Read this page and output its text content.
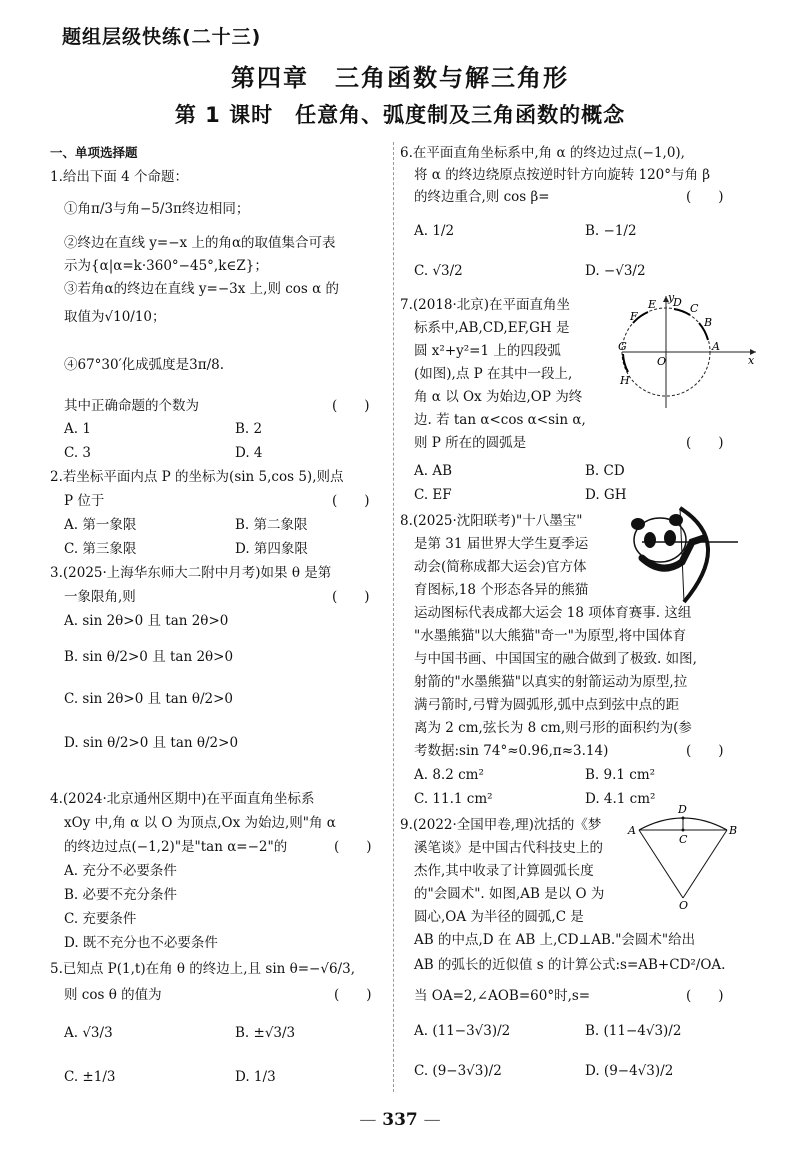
题组层级快练(二十三)
第四章　三角函数与解三角形
第 1 课时　任意角、弧度制及三角函数的概念
一、单项选择题
1.给出下面 4 个命题：
①角π/3与角−5/3π终边相同；
②终边在直线 y=−x 上的角α的取值集合可表
示为{α|α=k·360°−45°,k∈Z}；
③若角α的终边在直线 y=−3x 上,则 cos α 的
取值为√10/10；
④67°30′化成弧度是3π/8.
其中正确命题的个数为	(　　)
A. 1	B. 2
C. 3	D. 4
2.若坐标平面内点 P 的坐标为(sin 5,cos 5),则点
P 位于	(　　)
A. 第一象限	B. 第二象限
C. 第三象限	D. 第四象限
3.(2025·上海华东师大二附中月考)如果 θ 是第
一象限角,则	(　　)
A. sin 2θ>0 且 tan 2θ>0
B. sin θ/2>0 且 tan 2θ>0
C. sin 2θ>0 且 tan θ/2>0
D. sin θ/2>0 且 tan θ/2>0
4.(2024·北京通州区期中)在平面直角坐标系
xOy 中,角 α 以 O 为顶点,Ox 为始边,则"角 α
的终边过点(−1,2)"是"tan α=−2"的	(　　)
A. 充分不必要条件
B. 必要不充分条件
C. 充要条件
D. 既不充分也不必要条件
5.已知点 P(1,t)在角 θ 的终边上,且 sin θ=−√6/3,
则 cos θ 的值为	(　　)
A. √3/3	B. ±√3/3
C. ±1/3	D. 1/3
6.在平面直角坐标系中,角 α 的终边过点(−1,0),
将 α 的终边绕原点按逆时针方向旋转 120°与角 β
的终边重合,则 cos β=	(　　)
A. 1/2	B. −1/2
C. √3/2	D. −√3/2
7.(2018·北京)在平面直角坐
标系中,AB,CD,EF,GH 是
圆 x²+y²=1 上的四段弧
(如图),点 P 在其中一段上,
角 α 以 Ox 为始边,OP 为终
边. 若 tan α<cos α<sin α,
则 P 所在的圆弧是	(　　)
A. AB	B. CD
C. EF	D. GH
y
x
O
A
B
C
D
E
F
G
H
8.(2025·沈阳联考)"十八墨宝"
是第 31 届世界大学生夏季运
动会(简称成都大运会)官方体
育图标,18 个形态各异的熊猫
运动图标代表成都大运会 18 项体育赛事. 这组
"水墨熊猫"以大熊猫"奇一"为原型,将中国体育
与中国书画、中国国宝的融合做到了极致. 如图,
射箭的"水墨熊猫"以真实的射箭运动为原型,拉
满弓箭时,弓臂为圆弧形,弧中点到弦中点的距
离为 2 cm,弦长为 8 cm,则弓形的面积约为(参
考数据:sin 74°≈0.96,π≈3.14)	(　　)
A. 8.2 cm²	B. 9.1 cm²
C. 11.1 cm²	D. 4.1 cm²
9.(2022·全国甲卷,理)沈括的《梦
溪笔谈》是中国古代科技史上的
杰作,其中收录了计算圆弧长度
的"会圆术". 如图,AB 是以 O 为
圆心,OA 为半径的圆弧,C 是
AB 的中点,D 在 AB 上,CD⊥AB."会圆术"给出
AB 的弧长的近似值 s 的计算公式:s=AB+CD²/OA.
当 OA=2,∠AOB=60°时,s=	(　　)
A. (11−3√3)/2	B. (11−4√3)/2
C. (9−3√3)/2	D. (9−4√3)/2
D
C
A	B
O
— 337 —
